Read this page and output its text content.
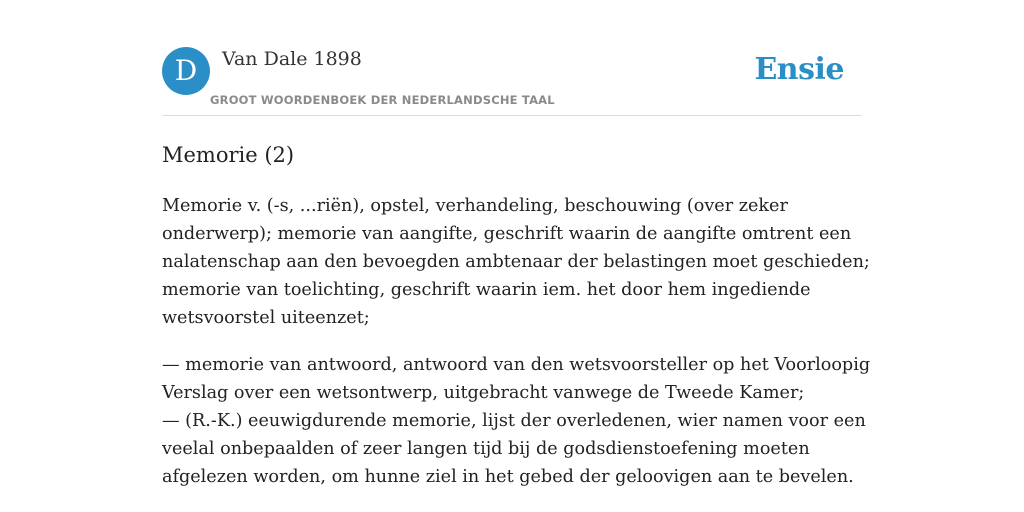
D	Van Dale 1898
GROOT WOORDENBOEK DER NEDERLANDSCHE TAAL
Ensie
Memorie (2)

Memorie v. (-s, ...riën), opstel, verhandeling, beschouwing (over zeker
onderwerp); memorie van aangifte, geschrift waarin de aangifte omtrent een
nalatenschap aan den bevoegden ambtenaar der belastingen moet geschieden;
memorie van toelichting, geschrift waarin iem. het door hem ingediende
wetsvoorstel uiteenzet;

— memorie van antwoord, antwoord van den wetsvoorsteller op het Voorloopig
Verslag over een wetsontwerp, uitgebracht vanwege de Tweede Kamer;
— (R.-K.) eeuwigdurende memorie, lijst der overledenen, wier namen voor een
veelal onbepaalden of zeer langen tijd bij de godsdienstoefening moeten
afgelezen worden, om hunne ziel in het gebed der geloovigen aan te bevelen.
